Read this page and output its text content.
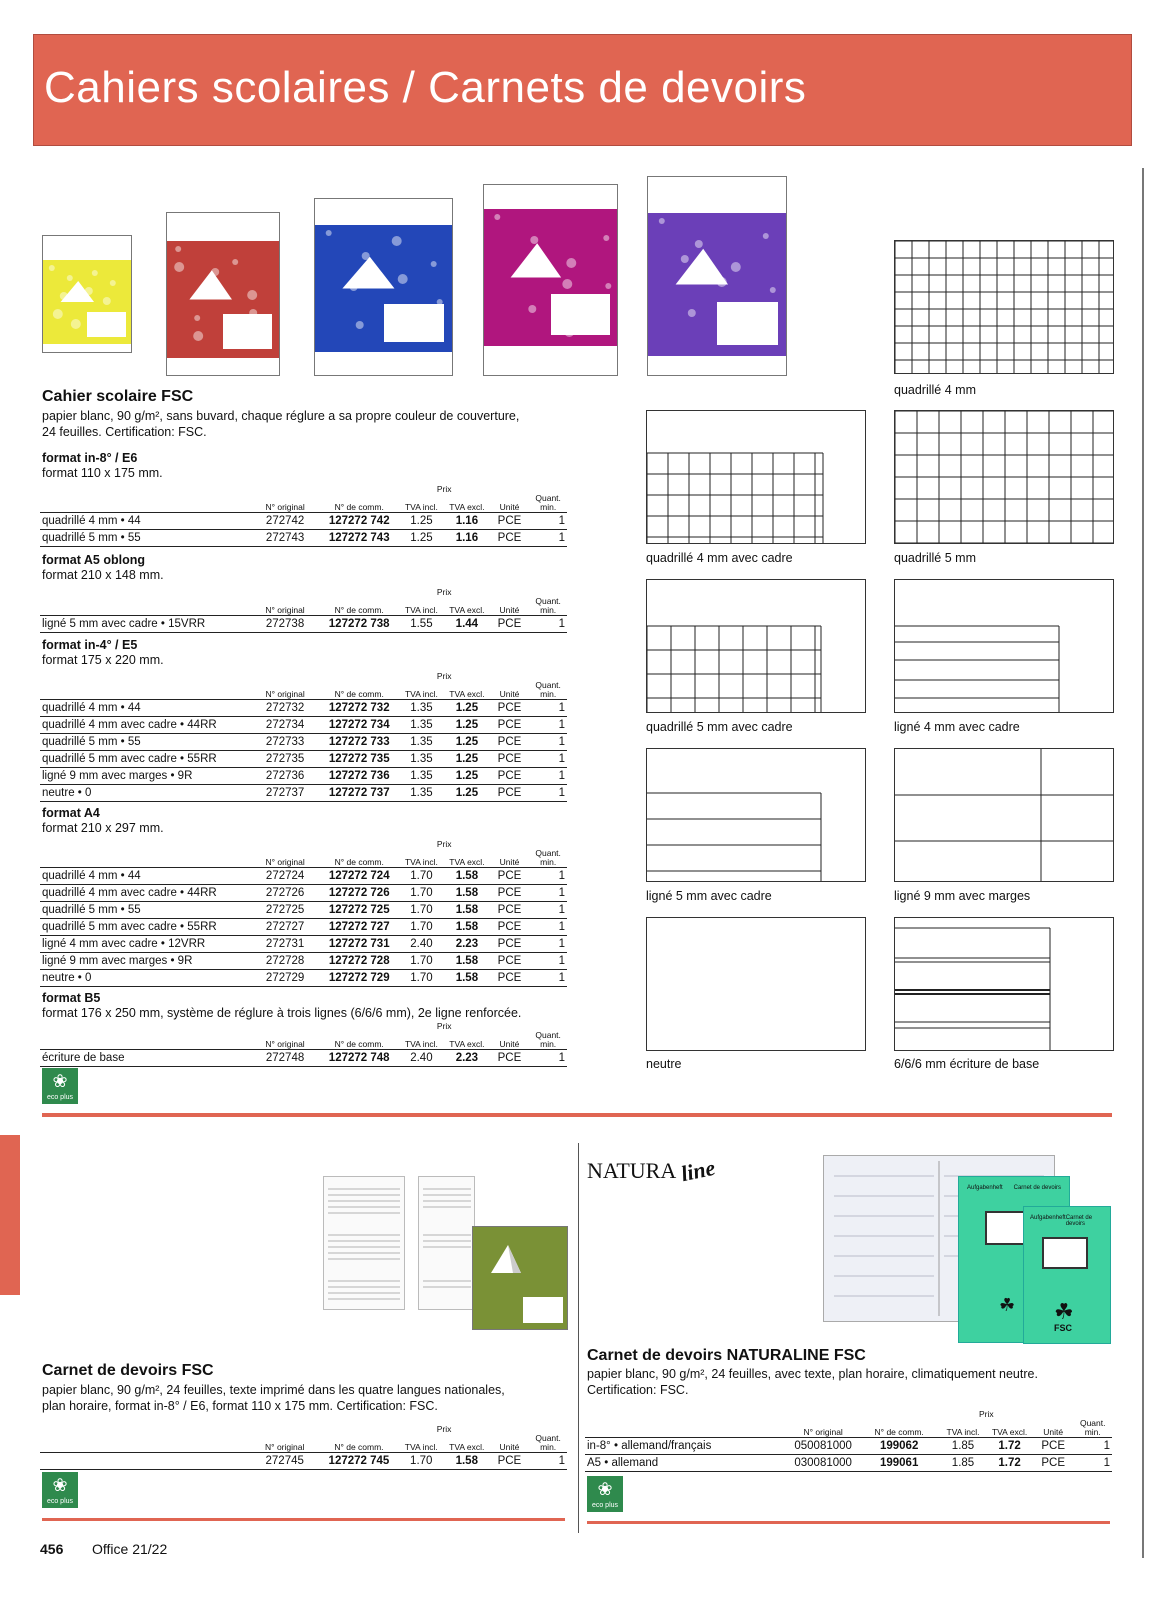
Cahiers scolaires / Carnets de devoirs
Cahier scolaire FSC
papier blanc, 90 g/m², sans buvard, chaque réglure a sa propre couleur de couverture, 24 feuilles. Certification: FSC.
format in-8° / E6
format 110 x 175 mm.
			Prix			
	N° original	N° de comm.	TVA incl.	TVA excl.	Unité	Quant. min.
quadrillé 4 mm • 44	272742	127272 742	1.25	1.16	PCE	1
quadrillé 5 mm • 55	272743	127272 743	1.25	1.16	PCE	1
format A5 oblong
format 210 x 148 mm.
			Prix			
	N° original	N° de comm.	TVA incl.	TVA excl.	Unité	Quant. min.
ligné 5 mm avec cadre • 15VRR	272738	127272 738	1.55	1.44	PCE	1
format in-4° / E5
format 175 x 220 mm.
			Prix			
	N° original	N° de comm.	TVA incl.	TVA excl.	Unité	Quant. min.
quadrillé 4 mm • 44	272732	127272 732	1.35	1.25	PCE	1
quadrillé 4 mm avec cadre • 44RR	272734	127272 734	1.35	1.25	PCE	1
quadrillé 5 mm • 55	272733	127272 733	1.35	1.25	PCE	1
quadrillé 5 mm avec cadre • 55RR	272735	127272 735	1.35	1.25	PCE	1
ligné 9 mm avec marges • 9R	272736	127272 736	1.35	1.25	PCE	1
neutre • 0	272737	127272 737	1.35	1.25	PCE	1
format A4
format 210 x 297 mm.
			Prix			
	N° original	N° de comm.	TVA incl.	TVA excl.	Unité	Quant. min.
quadrillé 4 mm • 44	272724	127272 724	1.70	1.58	PCE	1
quadrillé 4 mm avec cadre • 44RR	272726	127272 726	1.70	1.58	PCE	1
quadrillé 5 mm • 55	272725	127272 725	1.70	1.58	PCE	1
quadrillé 5 mm avec cadre • 55RR	272727	127272 727	1.70	1.58	PCE	1
ligné 4 mm avec cadre • 12VRR	272731	127272 731	2.40	2.23	PCE	1
ligné 9 mm avec marges • 9R	272728	127272 728	1.70	1.58	PCE	1
neutre • 0	272729	127272 729	1.70	1.58	PCE	1
format B5
format 176 x 250 mm, système de réglure à trois lignes (6/6/6 mm), 2e ligne renforcée.
			Prix			
	N° original	N° de comm.	TVA incl.	TVA excl.	Unité	Quant. min.
écriture de base	272748	127272 748	2.40	2.23	PCE	1
❀
eco plus
quadrillé 4 mm
quadrillé 4 mm avec cadre	quadrillé 5 mm
quadrillé 5 mm avec cadre	ligné 4 mm avec cadre
ligné 5 mm avec cadre	ligné 9 mm avec marges
neutre	6/6/6 mm écriture de base
Carnet de devoirs FSC
papier blanc, 90 g/m², 24 feuilles, texte imprimé dans les quatre langues nationales, plan horaire, format in-8° / E6, format 110 x 175 mm. Certification: FSC.
			Prix			
	N° original	N° de comm.	TVA incl.	TVA excl.	Unité	Quant. min.
	272745	127272 745	1.70	1.58	PCE	1
❀
eco plus
NATURA line
Aufgabenheft Carnet de devoirs
☘
Aufgabenheft Carnet de devoirs
☘
FSC
Carnet de devoirs NATURALINE FSC
papier blanc, 90 g/m², 24 feuilles, avec texte, plan horaire, climatiquement neutre. Certification: FSC.
			Prix			
	N° original	N° de comm.	TVA incl.	TVA excl.	Unité	Quant. min.
in-8° • allemand/français	050081000	199062	1.85	1.72	PCE	1
A5 • allemand	030081000	199061	1.85	1.72	PCE	1
❀
eco plus
456 Office 21/22
